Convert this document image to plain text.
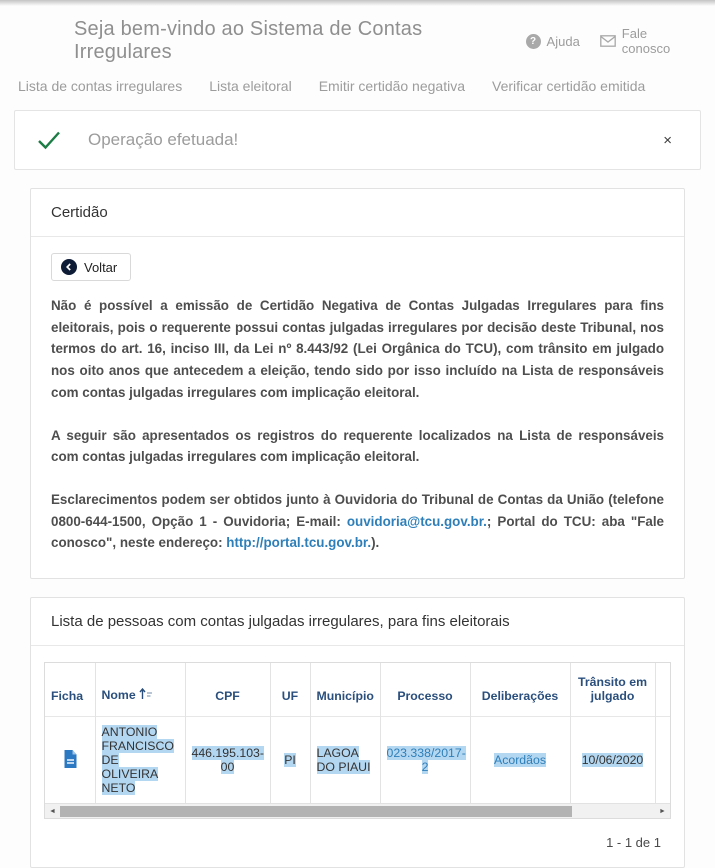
Seja bem-vindo ao Sistema de Contas Irregulares	? Ajuda	Fale conosco
Lista de contas irregulares Lista eleitoral Emitir certidão negativa Verificar certidão emitida
Operação efetuada!	×
Certidão
Voltar

Não é possível a emissão de Certidão Negativa de Contas Julgadas Irregulares para fins eleitorais, pois o requerente possui contas julgadas irregulares por decisão deste Tribunal, nos termos do art. 16, inciso III, da Lei nº 8.443/92 (Lei Orgânica do TCU), com trânsito em julgado nos oito anos que antecedem a eleição, tendo sido por isso incluído na Lista de responsáveis com contas julgadas irregulares com implicação eleitoral.

A seguir são apresentados os registros do requerente localizados na Lista de responsáveis com contas julgadas irregulares com implicação eleitoral.

Esclarecimentos podem ser obtidos junto à Ouvidoria do Tribunal de Contas da União (telefone 0800-644-1500, Opção 1 - Ouvidoria; E-mail: ouvidoria@tcu.gov.br.; Portal do TCU: aba "Fale conosco", neste endereço: http://portal.tcu.gov.br.).

Lista de pessoas com contas julgadas irregulares, para fins eleitorais
Ficha	Nome	CPF	UF	Município	Processo	Deliberações	Trânsito em julgado	
	ANTONIO FRANCISCO DE OLIVEIRA NETO	446.195.103-00	PI	LAGOA DO PIAUI	023.338/2017-2	Acordãos	10/06/2020	
◄	►
1 - 1 de 1
